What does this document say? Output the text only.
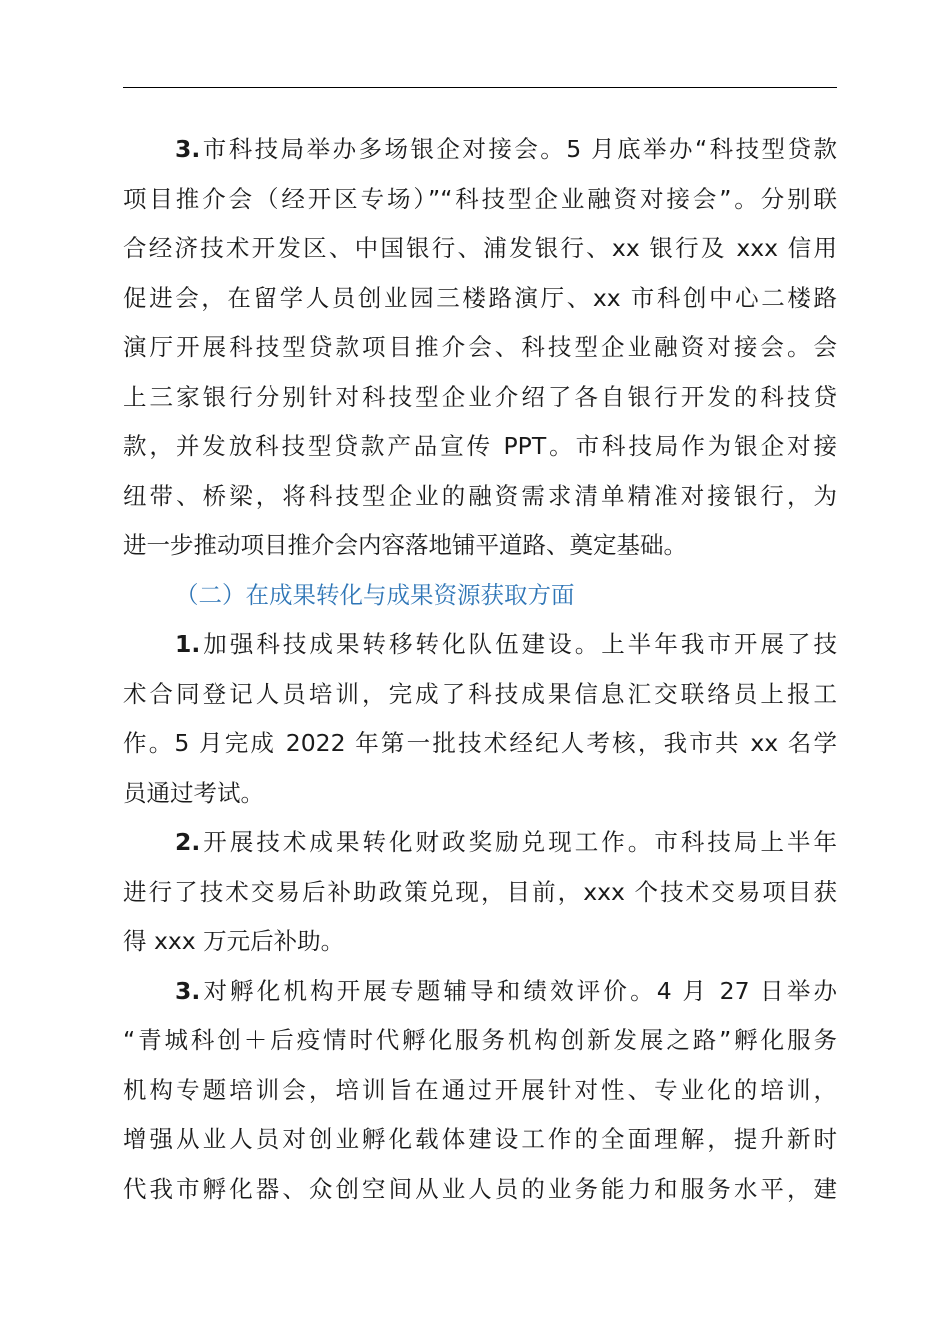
3.市科技局举办多场银企对接会。5 月底举办“科技型贷款
项目推介会（经开区专场）”“科技型企业融资对接会”。分别联
合经济技术开发区、中国银行、浦发银行、xx 银行及 xxx 信用
促进会，在留学人员创业园三楼路演厅、xx 市科创中心二楼路
演厅开展科技型贷款项目推介会、科技型企业融资对接会。会
上三家银行分别针对科技型企业介绍了各自银行开发的科技贷
款，并发放科技型贷款产品宣传 PPT。市科技局作为银企对接
纽带、桥梁，将科技型企业的融资需求清单精准对接银行，为
进一步推动项目推介会内容落地铺平道路、奠定基础。
（二）在成果转化与成果资源获取方面
1.加强科技成果转移转化队伍建设。上半年我市开展了技
术合同登记人员培训，完成了科技成果信息汇交联络员上报工
作。5 月完成 2022 年第一批技术经纪人考核，我市共 xx 名学
员通过考试。
2.开展技术成果转化财政奖励兑现工作。市科技局上半年
进行了技术交易后补助政策兑现，目前，xxx 个技术交易项目获
得 xxx 万元后补助。
3.对孵化机构开展专题辅导和绩效评价。4 月 27 日举办
“青城科创＋后疫情时代孵化服务机构创新发展之路”孵化服务
机构专题培训会，培训旨在通过开展针对性、专业化的培训，
增强从业人员对创业孵化载体建设工作的全面理解，提升新时
代我市孵化器、众创空间从业人员的业务能力和服务水平，建
